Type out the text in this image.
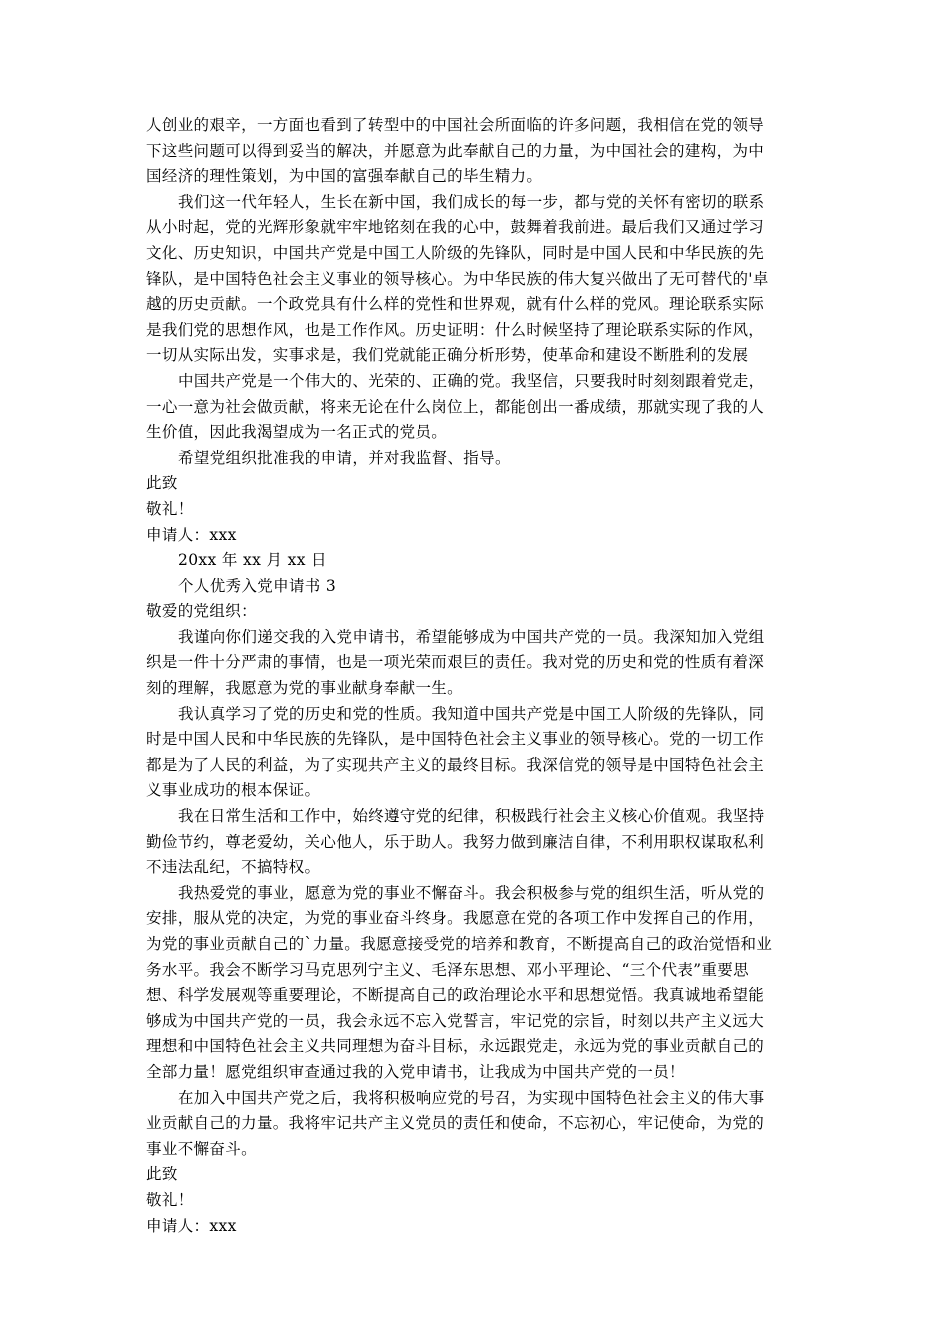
人创业的艰辛，一方面也看到了转型中的中国社会所面临的许多问题，我相信在党的领导
下这些问题可以得到妥当的解决，并愿意为此奉献自己的力量，为中国社会的建构，为中
国经济的理性策划，为中国的富强奉献自己的毕生精力。
我们这一代年轻人，生长在新中国，我们成长的每一步，都与党的关怀有密切的联系
从小时起，党的光辉形象就牢牢地铭刻在我的心中，鼓舞着我前进。最后我们又通过学习
文化、历史知识，中国共产党是中国工人阶级的先锋队，同时是中国人民和中华民族的先
锋队，是中国特色社会主义事业的领导核心。为中华民族的伟大复兴做出了无可替代的'卓
越的历史贡献。一个政党具有什么样的党性和世界观，就有什么样的党风。理论联系实际
是我们党的思想作风，也是工作作风。历史证明：什么时候坚持了理论联系实际的作风，
一切从实际出发，实事求是，我们党就能正确分析形势，使革命和建设不断胜利的发展
中国共产党是一个伟大的、光荣的、正确的党。我坚信，只要我时时刻刻跟着党走，
一心一意为社会做贡献，将来无论在什么岗位上，都能创出一番成绩，那就实现了我的人
生价值，因此我渴望成为一名正式的党员。
希望党组织批准我的申请，并对我监督、指导。
此致
敬礼！
申请人：xxx
20xx 年 xx 月 xx 日
个人优秀入党申请书 3
敬爱的党组织：
我谨向你们递交我的入党申请书，希望能够成为中国共产党的一员。我深知加入党组
织是一件十分严肃的事情，也是一项光荣而艰巨的责任。我对党的历史和党的性质有着深
刻的理解，我愿意为党的事业献身奉献一生。
我认真学习了党的历史和党的性质。我知道中国共产党是中国工人阶级的先锋队，同
时是中国人民和中华民族的先锋队，是中国特色社会主义事业的领导核心。党的一切工作
都是为了人民的利益，为了实现共产主义的最终目标。我深信党的领导是中国特色社会主
义事业成功的根本保证。
我在日常生活和工作中，始终遵守党的纪律，积极践行社会主义核心价值观。我坚持
勤俭节约，尊老爱幼，关心他人，乐于助人。我努力做到廉洁自律，不利用职权谋取私利
不违法乱纪，不搞特权。
我热爱党的事业，愿意为党的事业不懈奋斗。我会积极参与党的组织生活，听从党的
安排，服从党的决定，为党的事业奋斗终身。我愿意在党的各项工作中发挥自己的作用，
为党的事业贡献自己的`力量。我愿意接受党的培养和教育，不断提高自己的政治觉悟和业
务水平。我会不断学习马克思列宁主义、毛泽东思想、邓小平理论、“三个代表”重要思
想、科学发展观等重要理论，不断提高自己的政治理论水平和思想觉悟。我真诚地希望能
够成为中国共产党的一员，我会永远不忘入党誓言，牢记党的宗旨，时刻以共产主义远大
理想和中国特色社会主义共同理想为奋斗目标，永远跟党走，永远为党的事业贡献自己的
全部力量！愿党组织审查通过我的入党申请书，让我成为中国共产党的一员！
在加入中国共产党之后，我将积极响应党的号召，为实现中国特色社会主义的伟大事
业贡献自己的力量。我将牢记共产主义党员的责任和使命，不忘初心，牢记使命，为党的
事业不懈奋斗。
此致
敬礼！
申请人：xxx
